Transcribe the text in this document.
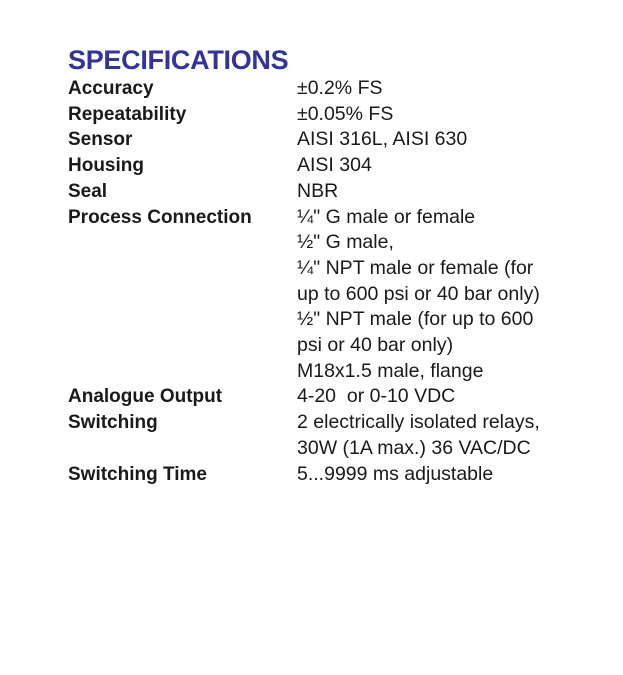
SPECIFICATIONS
Accuracy	±0.2% FS
Repeatability	±0.05% FS
Sensor	AISI 316L, AISI 630
Housing	AISI 304
Seal	NBR
Process Connection	¼" G male or female
½" G male,
¼" NPT male or female (for
up to 600 psi or 40 bar only)
½" NPT male (for up to 600
psi or 40 bar only)
M18x1.5 male, flange
Analogue Output	4-20  or 0-10 VDC
Switching	2 electrically isolated relays,
30W (1A max.) 36 VAC/DC
Switching Time	5...9999 ms adjustable
